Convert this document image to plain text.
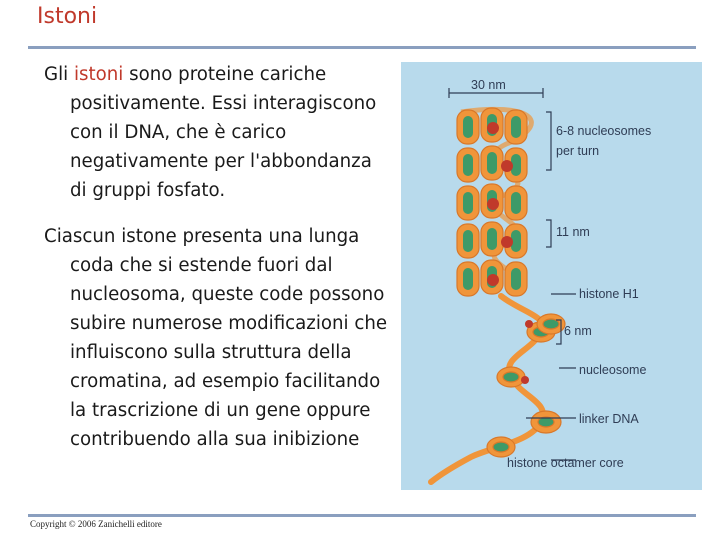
Istoni

Gli istoni sono proteine cariche positivamente. Essi interagiscono con il DNA, che è carico negativamente per l'abbondanza di gruppi fosfato.

Ciascun istone presenta una lunga coda che si estende fuori dal nucleosoma, queste code possono subire numerose modificazioni che influiscono sulla struttura della cromatina, ad esempio facilitando la trascrizione di un gene oppure contribuendo alla sua inibizione

30 nm
6-8 nucleosomes
per turn
11 nm
histone H1
6 nm
nucleosome
linker DNA
histone octamer core
Copyright © 2006 Zanichelli editore
